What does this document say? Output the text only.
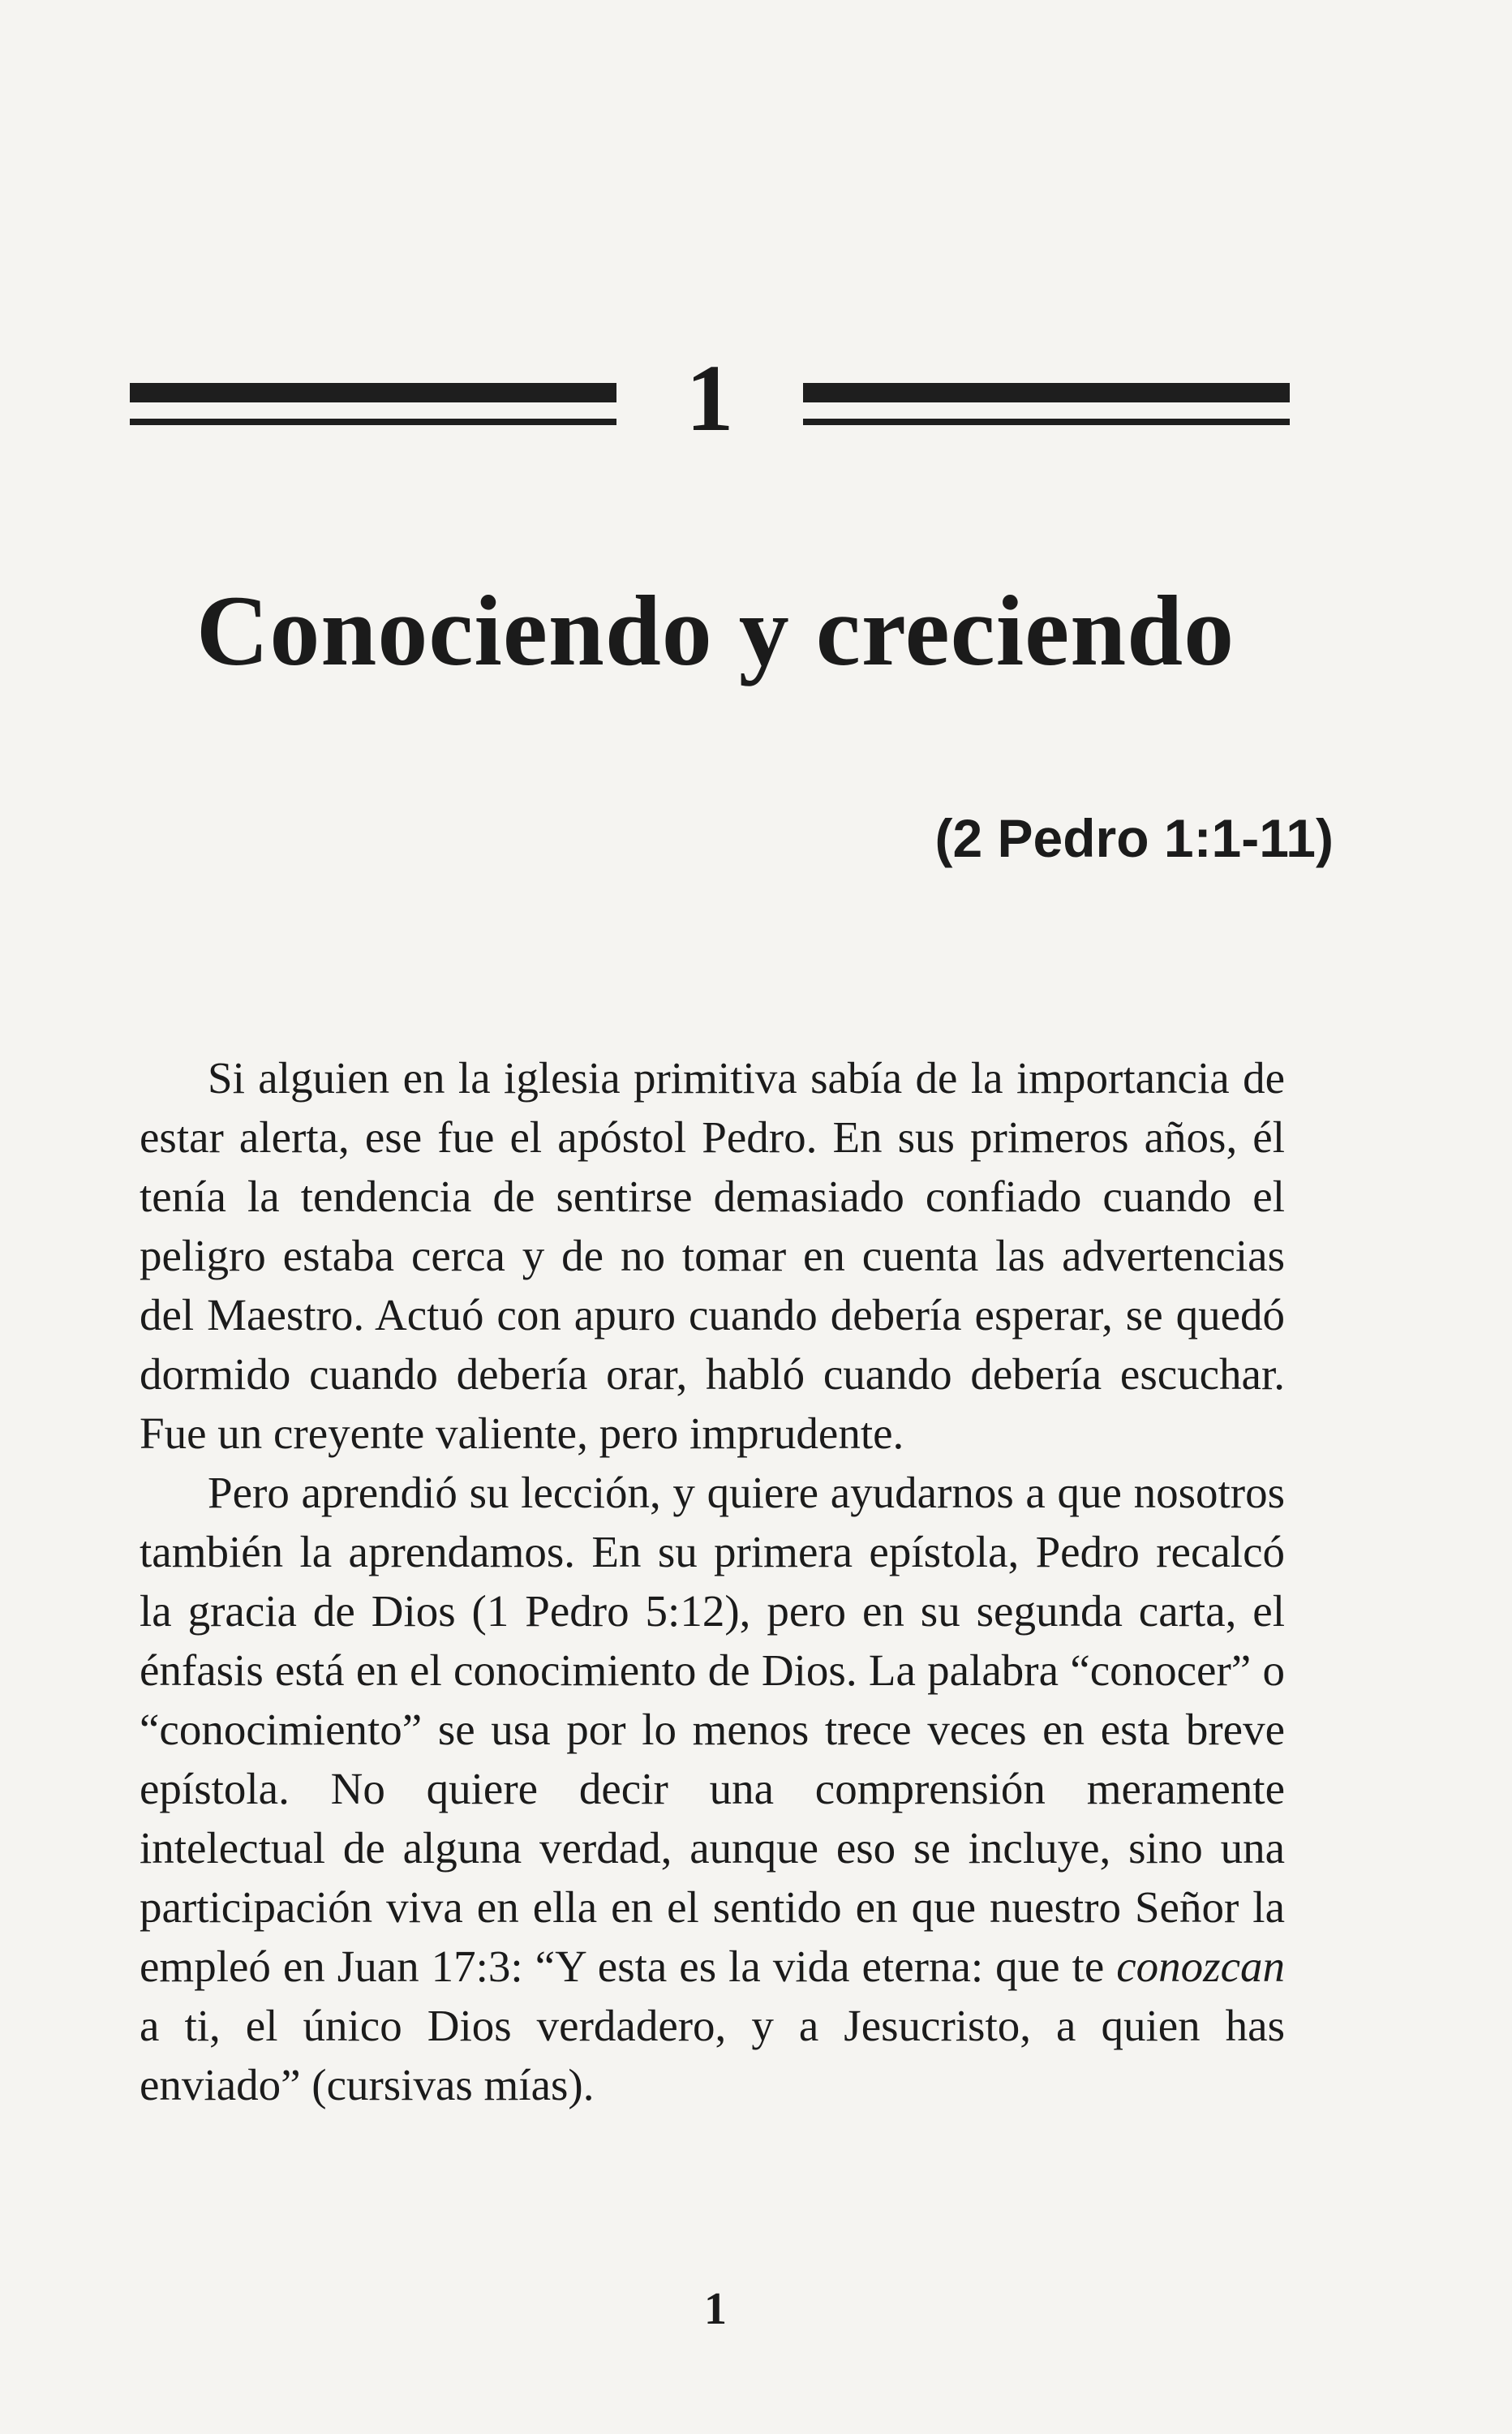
1
Conociendo y creciendo
(2 Pedro 1:1-11)

Si alguien en la iglesia primitiva sabía de la importancia de estar alerta, ese fue el apóstol Pedro. En sus primeros años, él tenía la tendencia de sentirse demasiado confiado cuando el peligro estaba cerca y de no tomar en cuenta las advertencias del Maestro. Actuó con apuro cuando debería esperar, se quedó dormido cuando debería orar, habló cuando debería escuchar. Fue un creyente valiente, pero imprudente.

Pero aprendió su lección, y quiere ayudarnos a que nosotros también la aprendamos. En su primera epístola, Pedro recalcó la gracia de Dios (1 Pedro 5:12), pero en su segunda carta, el énfasis está en el conocimiento de Dios. La palabra “conocer” o “conocimiento” se usa por lo menos trece veces en esta breve epístola. No quiere decir una comprensión meramente intelectual de alguna verdad, aunque eso se incluye, sino una participación viva en ella en el sentido en que nuestro Señor la empleó en Juan 17:3: “Y esta es la vida eterna: que te conozcan a ti, el único Dios verdadero, y a Jesucristo, a quien has enviado” (cursivas mías).

1
